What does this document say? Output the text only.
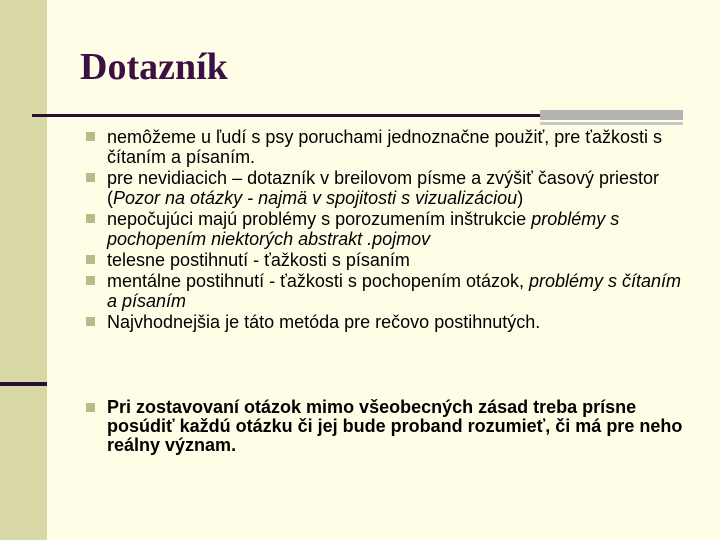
Dotazník
nemôžeme u ľudí s psy poruchami jednoznačne použiť, pre ťažkosti s čítaním a písaním.
pre nevidiacich – dotazník v breilovom písme a zvýšiť časový priestor (Pozor na otázky - najmä v spojitosti s vizualizáciou)
nepočujúci majú problémy s porozumením inštrukcie problémy s pochopením niektorých abstrakt .pojmov
telesne postihnutí - ťažkosti s písaním
mentálne postihnutí - ťažkosti s pochopením otázok, problémy s čítaním a písaním
Najvhodnejšia je táto metóda pre rečovo postihnutých.
Pri zostavovaní otázok mimo všeobecných zásad treba prísne posúdiť každú otázku či jej bude proband rozumieť, či má pre neho reálny význam.
